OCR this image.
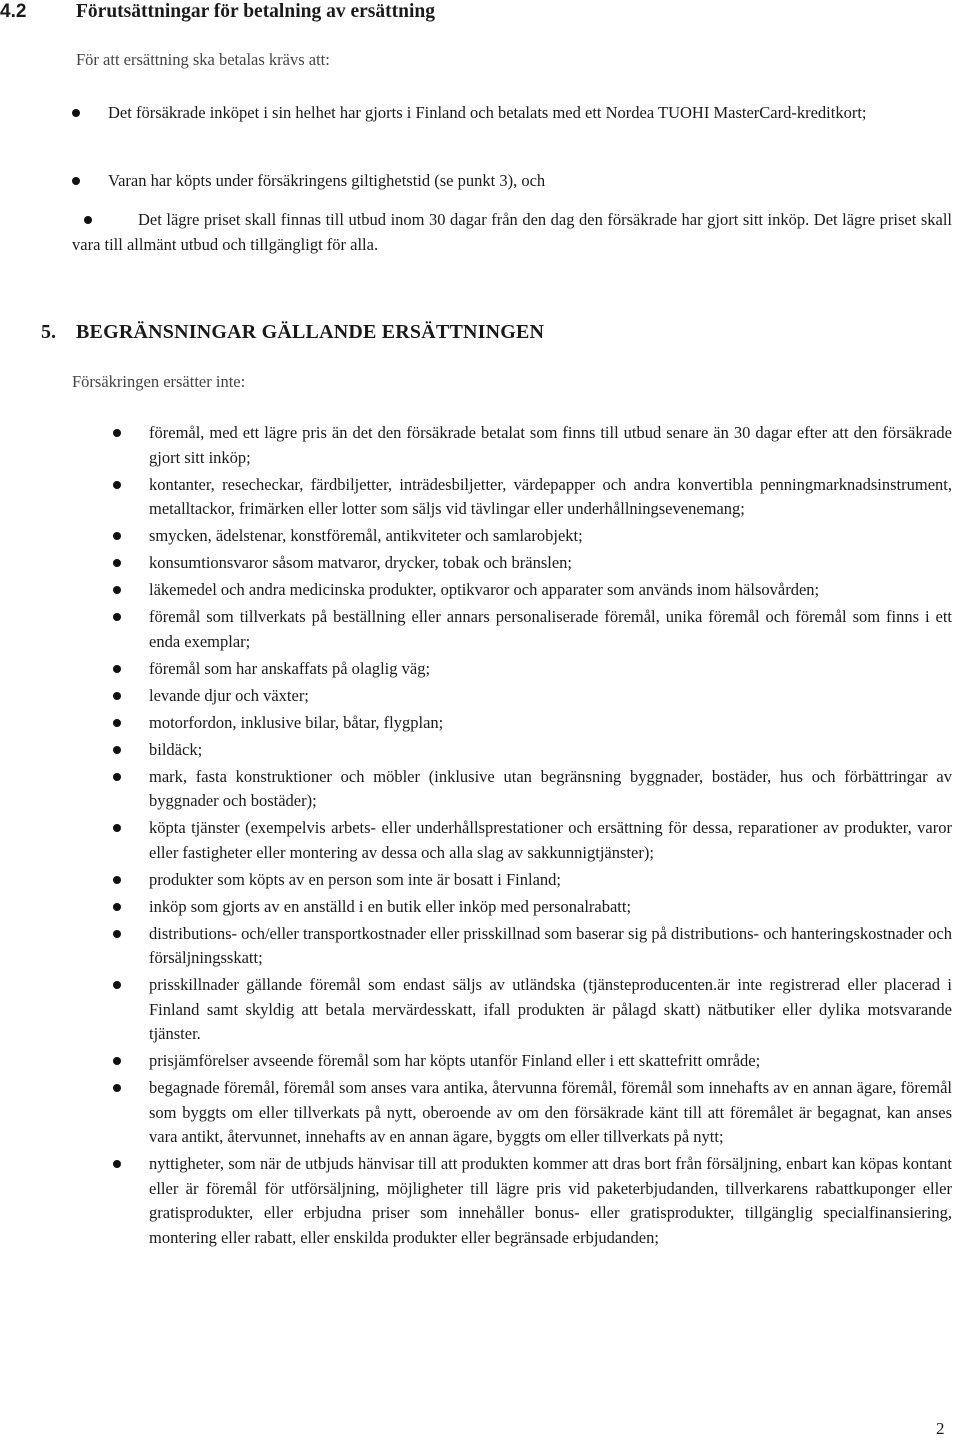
4.2	Förutsättningar för betalning av ersättning
För att ersättning ska betalas krävs att:
Det försäkrade inköpet i sin helhet har gjorts i Finland och betalats med ett Nordea TUOHI MasterCard-kreditkort;
Varan har köpts under försäkringens giltighetstid (se punkt 3), och
Det lägre priset skall finnas till utbud inom 30 dagar från den dag den försäkrade har gjort sitt inköp. Det lägre priset skall vara till allmänt utbud och tillgängligt för alla.
5. BEGRÄNSNINGAR GÄLLANDE ERSÄTTNINGEN
Försäkringen ersätter inte:
föremål, med ett lägre pris än det den försäkrade betalat som finns till utbud senare än 30 dagar efter att den försäkrade gjort sitt inköp;
kontanter, resecheckar, färdbiljetter, inträdesbiljetter, värdepapper och andra konvertibla penningmarknadsinstrument, metalltackor, frimärken eller lotter som säljs vid tävlingar eller underhållningsevenemang;
smycken, ädelstenar, konstföremål, antikviteter och samlarobjekt;
konsumtionsvaror såsom matvaror, drycker, tobak och bränslen;
läkemedel och andra medicinska produkter, optikvaror och apparater som används inom hälsovården;
föremål som tillverkats på beställning eller annars personaliserade föremål, unika föremål och föremål som finns i ett enda exemplar;
föremål som har anskaffats på olaglig väg;
levande djur och växter;
motorfordon, inklusive bilar, båtar, flygplan;
bildäck;
mark, fasta konstruktioner och möbler (inklusive utan begränsning byggnader, bostäder, hus och förbättringar av byggnader och bostäder);
köpta tjänster (exempelvis arbets- eller underhållsprestationer och ersättning för dessa, reparationer av produkter, varor eller fastigheter eller montering av dessa och alla slag av sakkunnigtjänster);
produkter som köpts av en person som inte är bosatt i Finland;
inköp som gjorts av en anställd i en butik eller inköp med personalrabatt;
distributions- och/eller transportkostnader eller prisskillnad som baserar sig på distributions- och hanteringskostnader och försäljningsskatt;
prisskillnader gällande föremål som endast säljs av utländska (tjänsteproducenten.är inte registrerad eller placerad i Finland samt skyldig att betala mervärdesskatt, ifall produkten är pålagd skatt) nätbutiker eller dylika motsvarande tjänster.
prisjämförelser avseende föremål som har köpts utanför Finland eller i ett skattefritt område;
begagnade föremål, föremål som anses vara antika, återvunna föremål, föremål som innehafts av en annan ägare, föremål som byggts om eller tillverkats på nytt, oberoende av om den försäkrade känt till att föremålet är begagnat, kan anses vara antikt, återvunnet, innehafts av en annan ägare, byggts om eller tillverkats på nytt;
nyttigheter, som när de utbjuds hänvisar till att produkten kommer att dras bort från försäljning, enbart kan köpas kontant eller är föremål för utförsäljning, möjligheter till lägre pris vid paketerbjudanden, tillverkarens rabattkuponger eller gratisprodukter, eller erbjudna priser som innehåller bonus- eller gratisprodukter, tillgänglig specialfinansiering, montering eller rabatt, eller enskilda produkter eller begränsade erbjudanden;
2
